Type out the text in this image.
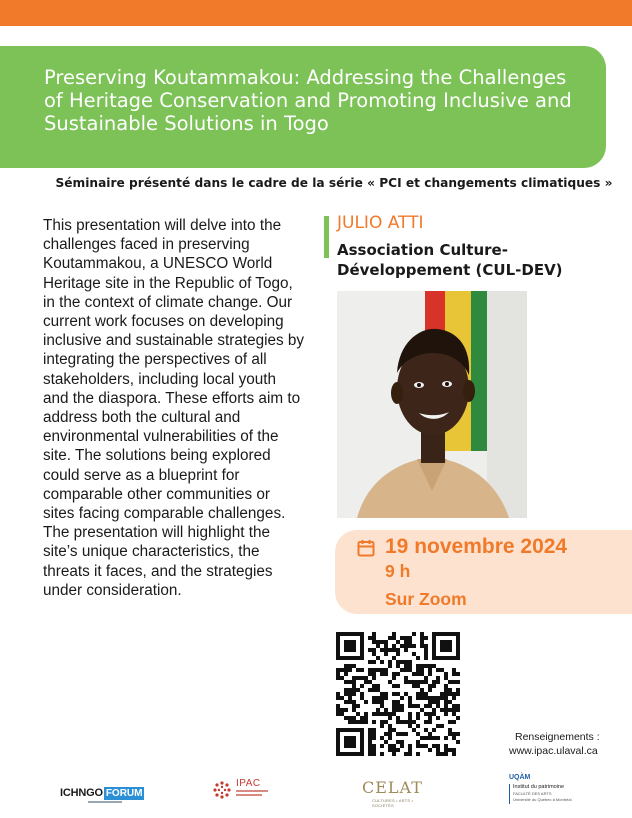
Preserving Koutammakou: Addressing the Challenges of Heritage Conservation and Promoting Inclusive and Sustainable Solutions in Togo
Séminaire présenté dans le cadre de la série « PCI et changements climatiques »

This presentation will delve into the challenges faced in preserving Koutammakou, a UNESCO World Heritage site in the Republic of Togo, in the context of climate change. Our current work focuses on developing inclusive and sustainable strategies by integrating the perspectives of all stakeholders, including local youth and the diaspora. These efforts aim to address both the cultural and environmental vulnerabilities of the site. The solutions being explored could serve as a blueprint for comparable other communities or sites facing comparable challenges. The presentation will highlight the site’s unique characteristics, the threats it faces, and the strategies under consideration.

JULIO ATTI
Association Culture-Développement (CUL-DEV)
19 novembre 2024
9 h
Sur Zoom
Renseignements :
www.ipac.ulaval.ca
ICHNGO FORUM
IPAC	CELAT
CULTURES • ARTS • SOCIÉTÉS
UQÀM
Institut du patrimoine
FACULTÉ DES ARTS
Université du Québec à Montréal
